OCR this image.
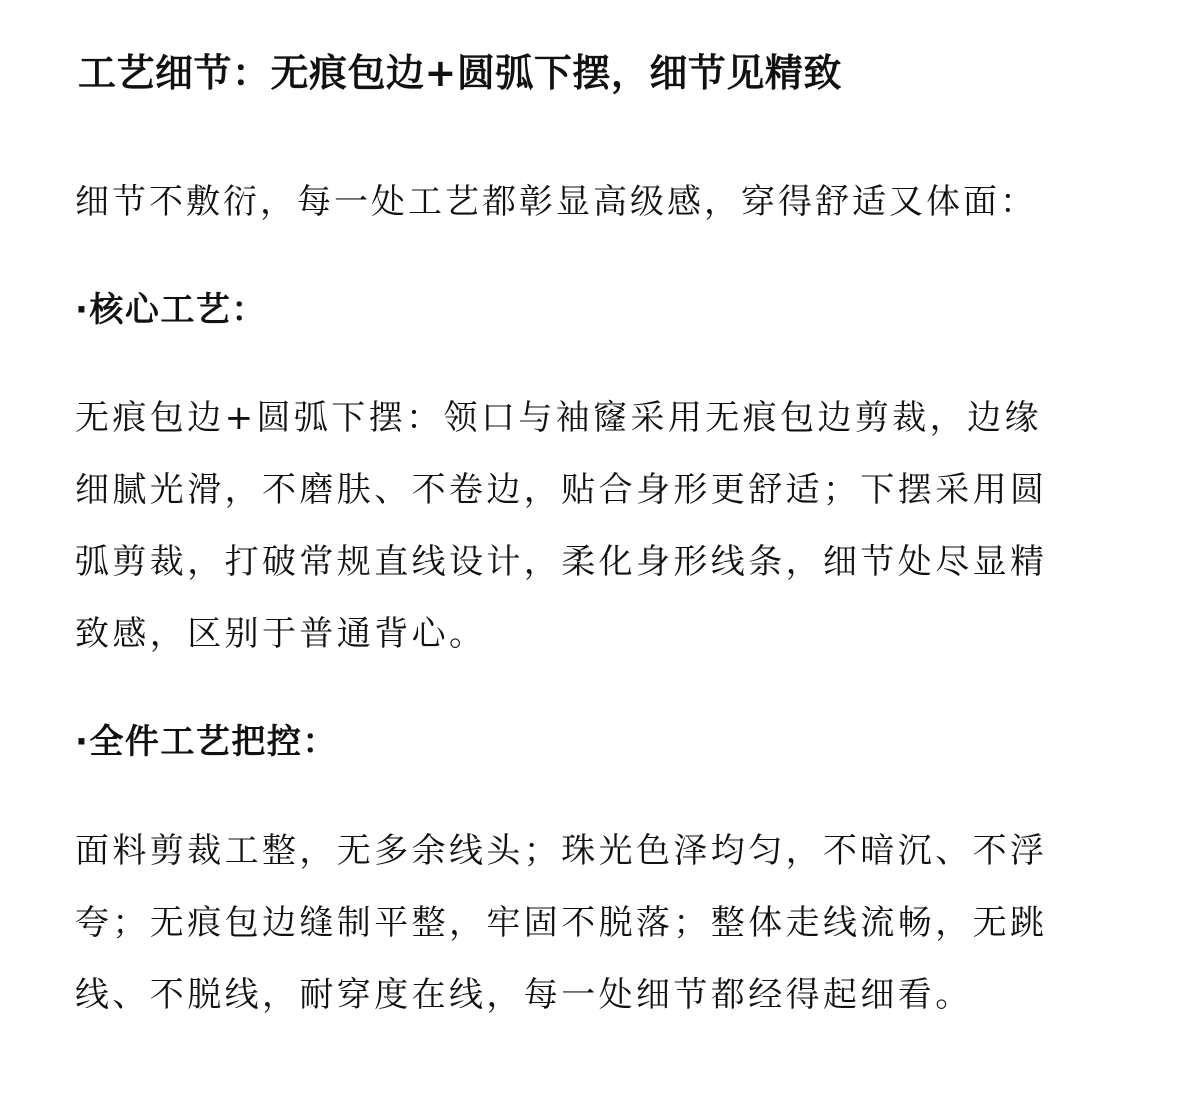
工艺细节：无痕包边+圆弧下摆，细节见精致

细节不敷衍，每一处工艺都彰显高级感，穿得舒适又体面：

·核心工艺：

无痕包边+圆弧下摆：领口与袖窿采用无痕包边剪裁，边缘
细腻光滑，不磨肤、不卷边，贴合身形更舒适；下摆采用圆
弧剪裁，打破常规直线设计，柔化身形线条，细节处尽显精
致感，区别于普通背心。

·全件工艺把控：

面料剪裁工整，无多余线头；珠光色泽均匀，不暗沉、不浮
夸；无痕包边缝制平整，牢固不脱落；整体走线流畅，无跳
线、不脱线，耐穿度在线，每一处细节都经得起细看。
